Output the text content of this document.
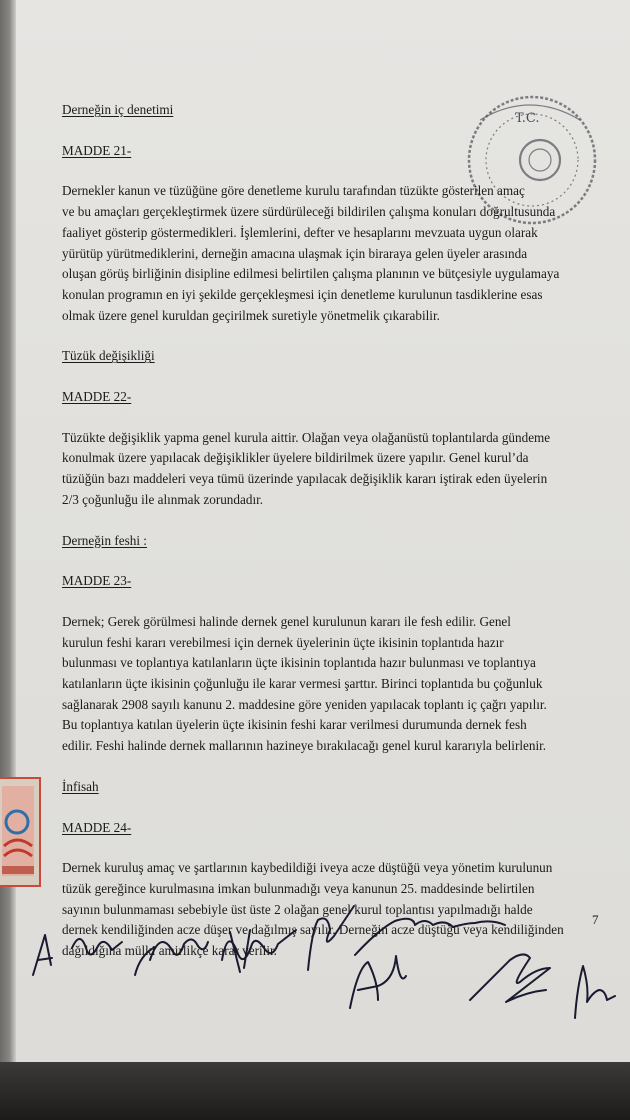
T.C.

Derneğin iç denetimi

MADDE 21-

Dernekler kanun ve tüzüğüne göre denetleme kurulu tarafından tüzükte gösterilen amaç
ve bu amaçları gerçekleştirmek üzere sürdürüleceği bildirilen çalışma konuları doğrultusunda
faaliyet gösterip göstermedikleri. İşlemlerini, defter ve hesaplarını mevzuata uygun olarak
yürütüp yürütmediklerini, derneğin amacına ulaşmak için biraraya gelen üyeler arasında
oluşan görüş birliğinin disipline edilmesi belirtilen çalışma planının ve bütçesiyle uygulamaya
konulan programın en iyi şekilde gerçekleşmesi için denetleme kurulunun tasdiklerine esas
olmak üzere genel kuruldan geçirilmek suretiyle yönetmelik çıkarabilir.

Tüzük değişikliği

MADDE 22-

Tüzükte değişiklik yapma genel kurula aittir. Olağan veya olağanüstü toplantılarda gündeme
konulmak üzere yapılacak değişiklikler üyelere bildirilmek üzere yapılır. Genel kurul’da
tüzüğün bazı maddeleri veya tümü üzerinde yapılacak değişiklik kararı iştirak eden üyelerin
2/3 çoğunluğu ile alınmak zorundadır.

Derneğin feshi :

MADDE 23-

Dernek; Gerek görülmesi halinde dernek genel kurulunun kararı ile fesh edilir. Genel
kurulun feshi kararı verebilmesi için dernek üyelerinin üçte ikisinin toplantıda hazır
bulunması ve toplantıya katılanların üçte ikisinin toplantıda hazır bulunması ve toplantıya
katılanların üçte ikisinin çoğunluğu ile karar vermesi şarttır. Birinci toplantıda bu çoğunluk
sağlanarak 2908 sayılı kanunu 2. maddesine göre yeniden yapılacak toplantı iç çağrı yapılır.
Bu toplantıya katılan üyelerin üçte ikisinin feshi karar verilmesi durumunda dernek fesh
edilir. Feshi halinde dernek mallarının hazineye bırakılacağı genel kurul kararıyla belirlenir.

İnfisah

MADDE 24-

Dernek kuruluş amaç ve şartlarının kaybedildiği iveya acze düştüğü veya yönetim kurulunun
tüzük gereğince kurulmasına imkan bulunmadığı veya kanunun 25. maddesinde belirtilen
sayının bulunmaması sebebiyle üst üste 2 olağan genel kurul toplantısı yapılmadığı halde
dernek kendiliğinden acze düşer ve dağılmış sayılır. Derneğin acze düştüğü veya kendiliğinden
dağıldığına mülki amirlikçe karar verilir.

7
